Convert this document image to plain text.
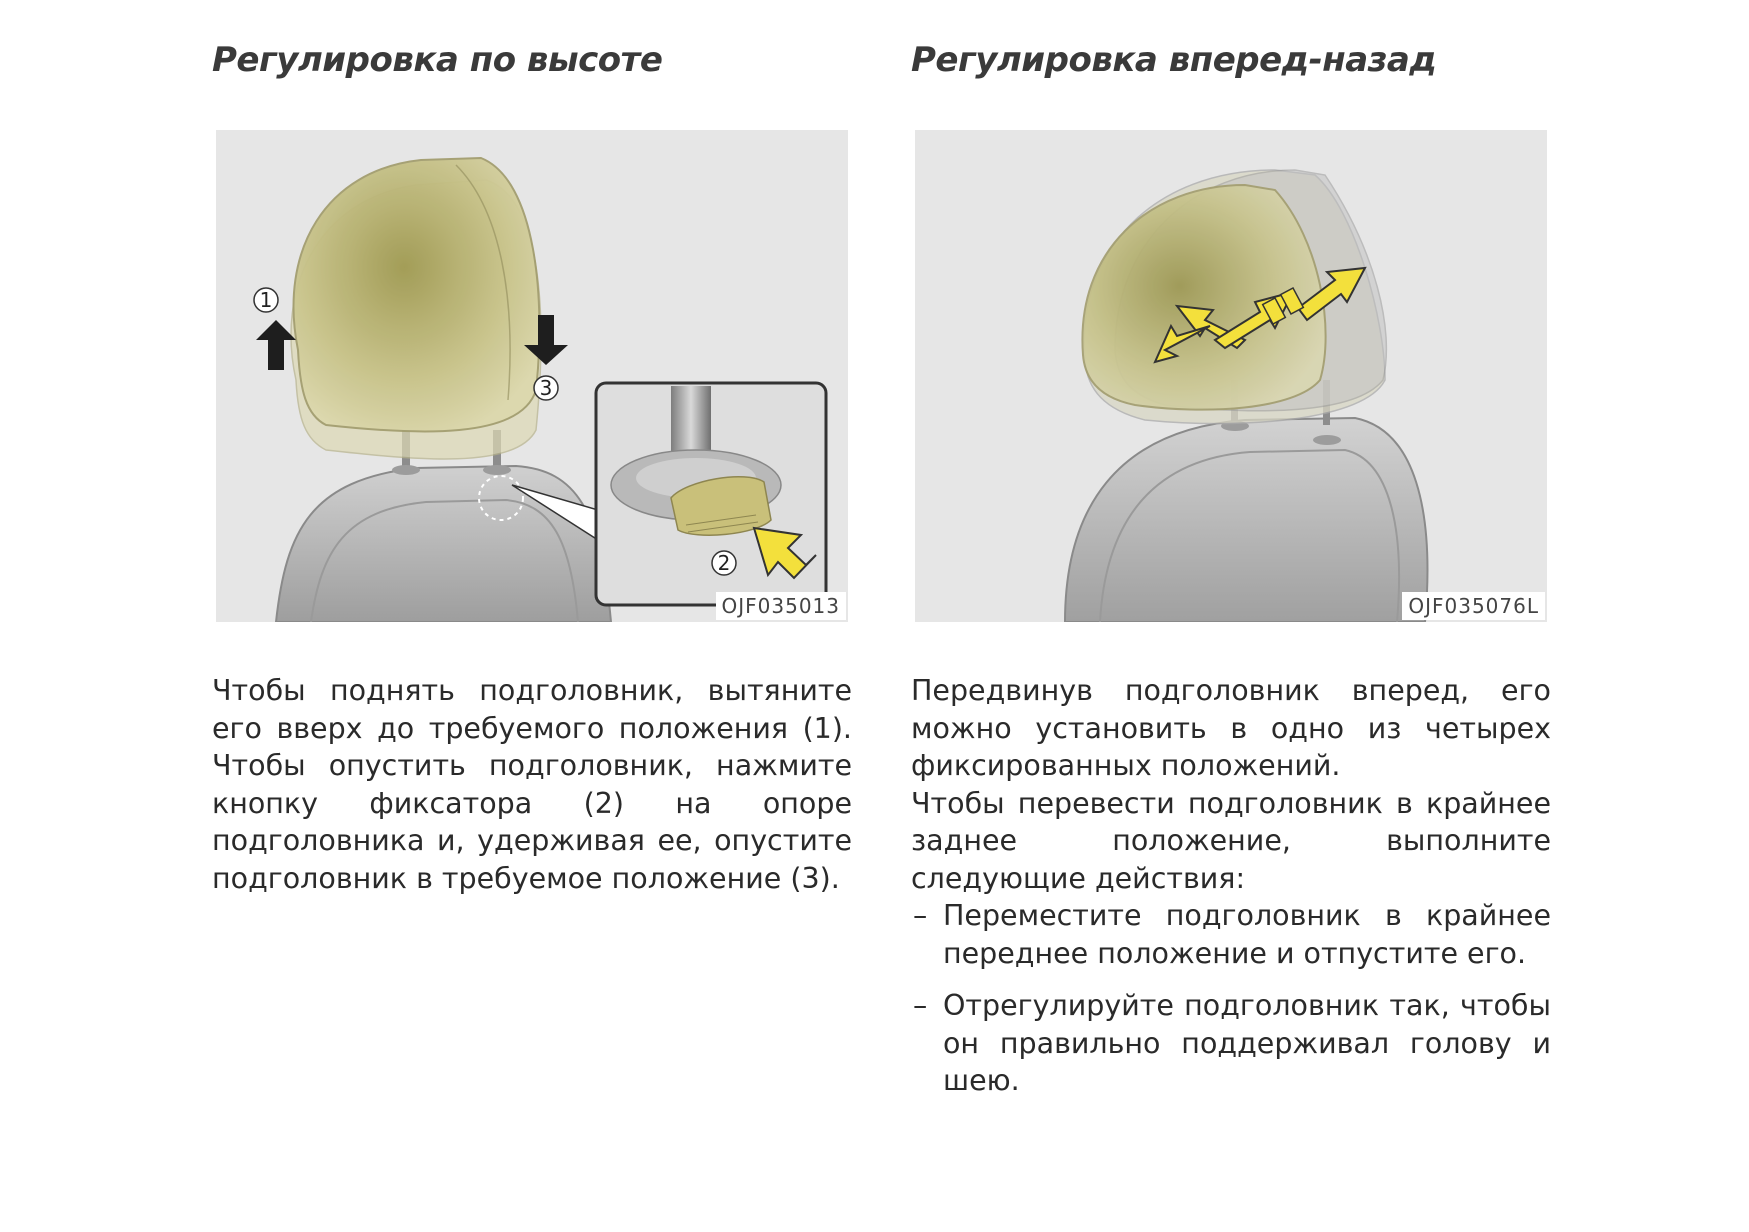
Регулировка по высоте
1
3
2
OJF035013

Чтобы поднять подголовник, вытяните его вверх до требуемого положения (1). Чтобы опустить подголовник, нажмите кнопку фиксатора (2) на опоре подголовника и, удерживая ее, опустите подголовник в требуемое положение (3).

Регулировка вперед-назад
OJF035076L

Передвинув подголовник вперед, его можно установить в одно из четырех фиксированных положений.

Чтобы перевести подголовник в крайнее заднее положение, выполните следующие действия:

– Переместите подголовник в крайнее переднее положение и отпустите его.
– Отрегулируйте подголовник так, чтобы он правильно поддерживал голову и шею.
